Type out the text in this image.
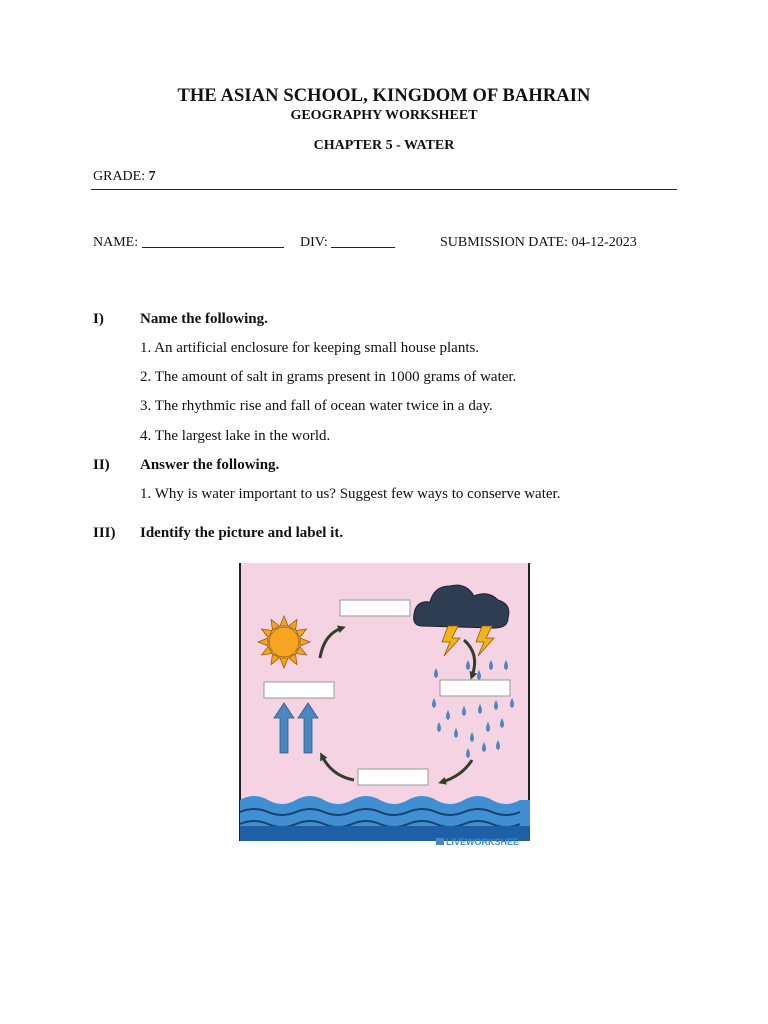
THE ASIAN SCHOOL, KINGDOM OF BAHRAIN
GEOGRAPHY WORKSHEET
CHAPTER 5 - WATER
GRADE: 7
NAME:	DIV:	SUBMISSION DATE: 04-12-2023
I) Name the following.
1. An artificial enclosure for keeping small house plants.
2. The amount of salt in grams present in 1000 grams of water.
3. The rhythmic rise and fall of ocean water twice in a day.
4. The largest lake in the world.
II) Answer the following.
1. Why is water important to us? Suggest few ways to conserve water.
III) Identify the picture and label it.
LIVEWORKSHEE
